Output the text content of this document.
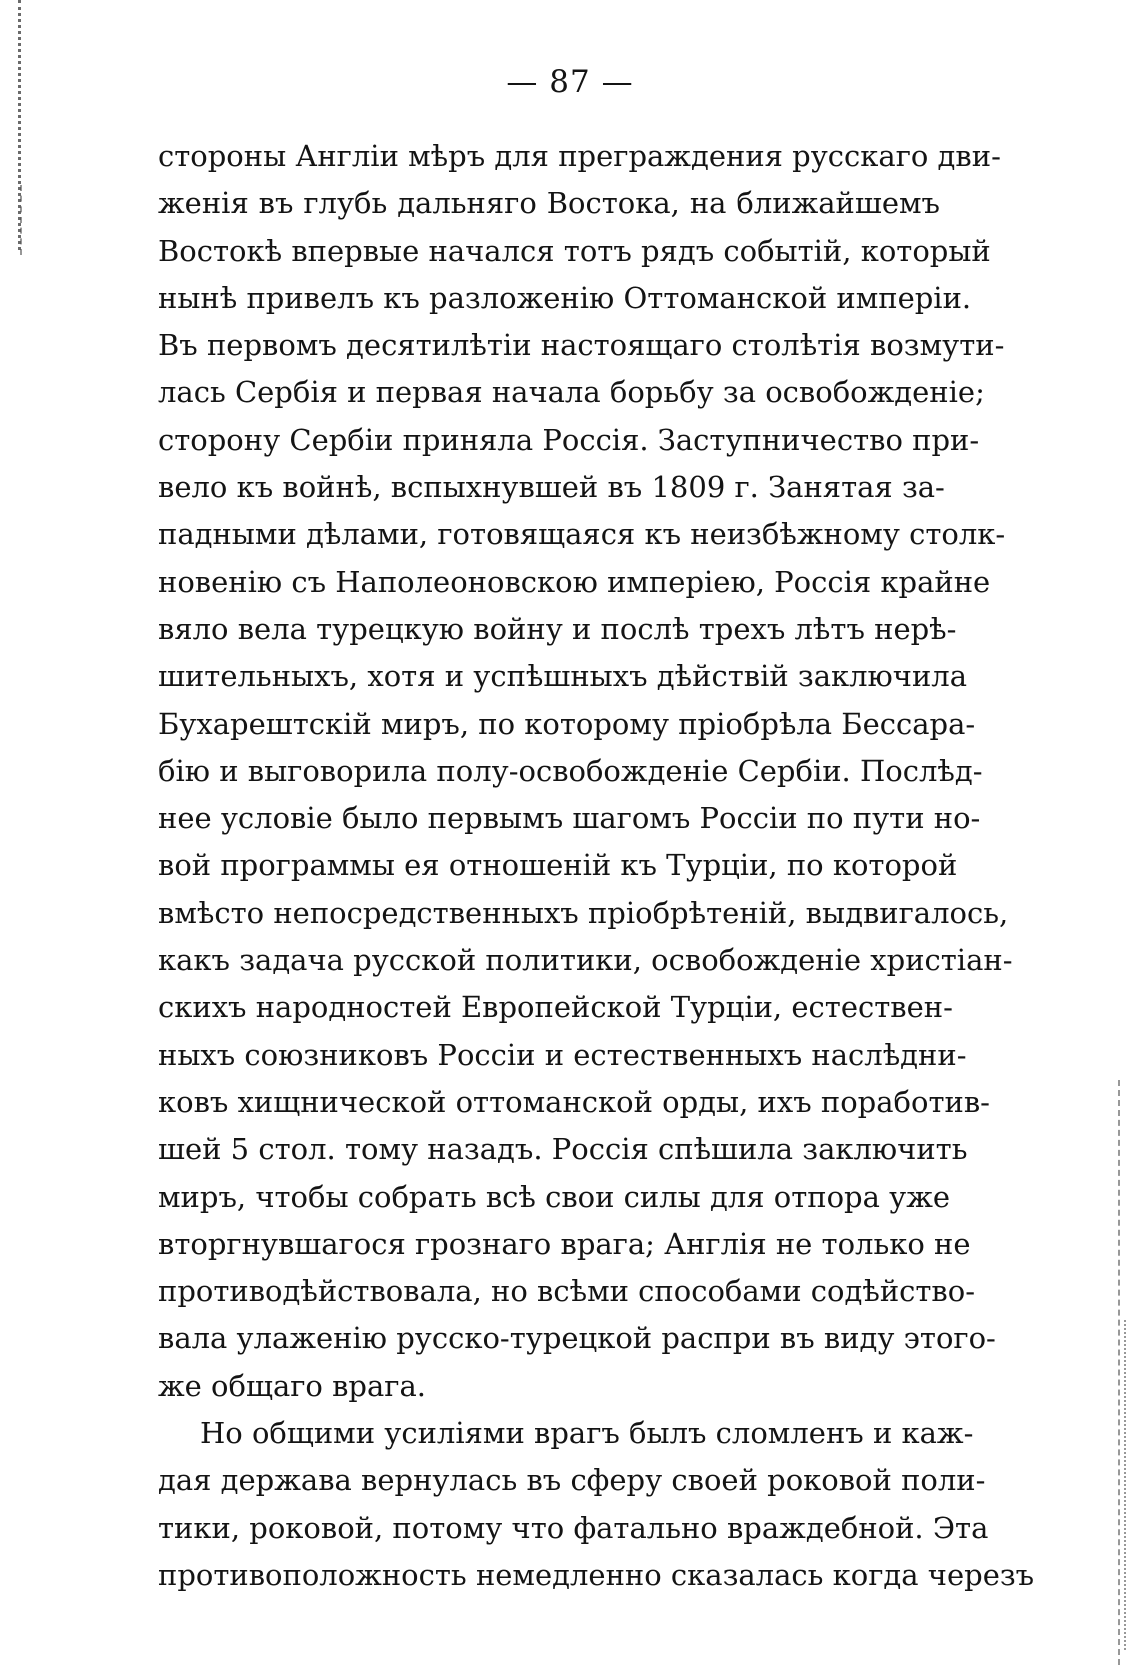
— 87 —
стороны Англiи мѣръ для преграждения русскаго дви-
женiя въ глубь дальняго Востока, на ближайшемъ
Востокѣ впервые начался тотъ рядъ событiй, который
нынѣ привелъ къ разложенiю Оттоманской имперiи.
Въ первомъ десятилѣтiи настоящаго столѣтiя возмути-
лась Сербiя и первая начала борьбу за освобожденiе;
сторону Сербiи приняла Россiя. Заступничество при-
вело къ войнѣ, вспыхнувшей въ 1809 г. Занятая за-
падными дѣлами, готовящаяся къ неизбѣжному столк-
новенiю съ Наполеоновскою имперiею, Россiя крайне
вяло вела турецкую войну и послѣ трехъ лѣтъ нерѣ-
шительныхъ, хотя и успѣшныхъ дѣйствiй заключила
Бухарештскiй миръ, по которому прiобрѣла Бессара-
бiю и выговорила полу-освобожденiе Сербiи. Послѣд-
нее условiе было первымъ шагомъ Россiи по пути но-
вой программы ея отношенiй къ Турцiи, по которой
вмѣсто непосредственныхъ прiобрѣтенiй, выдвигалось,
какъ задача русской политики, освобожденiе христiан-
скихъ народностей Европейской Турцiи, естествен-
ныхъ союзниковъ Россiи и естественныхъ наслѣдни-
ковъ хищнической оттоманской орды, ихъ поработив-
шей 5 стол. тому назадъ. Россiя спѣшила заключить
миръ, чтобы собрать всѣ свои силы для отпора уже
вторгнувшагося грознаго врага; Англiя не только не
противодѣйствовала, но всѣми способами содѣйство-
вала улаженiю русско-турецкой распри въ виду этого-
же общаго врага.
Но общими усилiями врагъ былъ сломленъ и каж-
дая держава вернулась въ сферу своей роковой поли-
тики, роковой, потому что фатально враждебной. Эта
противоположность немедленно сказалась когда черезъ
